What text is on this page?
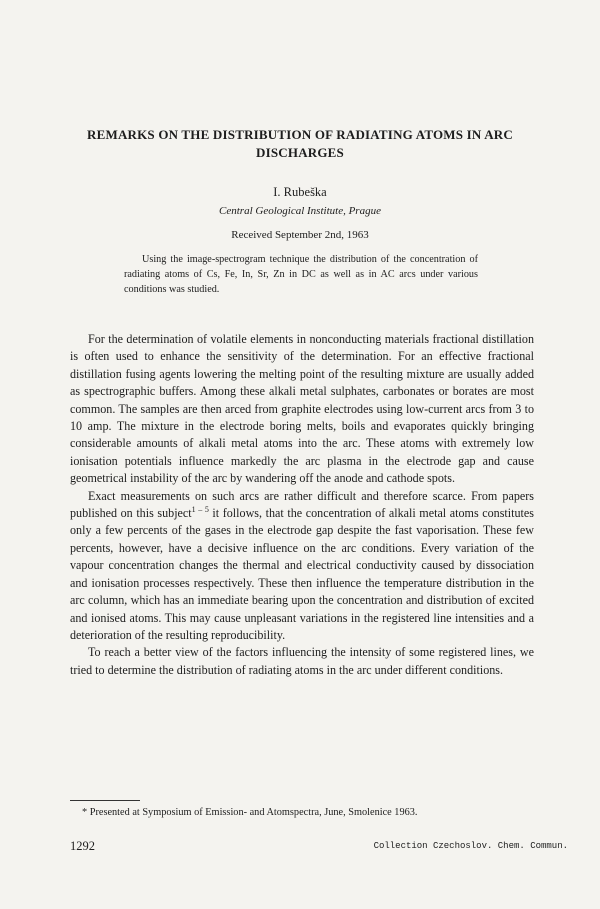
REMARKS ON THE DISTRIBUTION OF RADIATING ATOMS IN ARC DISCHARGES
I. Rubeška
Central Geological Institute, Prague
Received September 2nd, 1963
Using the image-spectrogram technique the distribution of the concentration of radiating atoms of Cs, Fe, In, Sr, Zn in DC as well as in AC arcs under various conditions was studied.

For the determination of volatile elements in nonconducting materials fractional distillation is often used to enhance the sensitivity of the determination. For an effective fractional distillation fusing agents lowering the melting point of the resulting mixture are usually added as spectrographic buffers. Among these alkali metal sulphates, carbonates or borates are most common. The samples are then arced from graphite electrodes using low-current arcs from 3 to 10 amp. The mixture in the electrode boring melts, boils and evaporates quickly bringing considerable amounts of alkali metal atoms into the arc. These atoms with extremely low ionisation potentials influence markedly the arc plasma in the electrode gap and cause geometrical instability of the arc by wandering off the anode and cathode spots.

Exact measurements on such arcs are rather difficult and therefore scarce. From papers published on this subject$^{1 - 5}$ it follows, that the concentration of alkali metal atoms constitutes only a few percents of the gases in the electrode gap despite the fast vaporisation. These few percents, however, have a decisive influence on the arc conditions. Every variation of the vapour concentration changes the thermal and electrical conductivity caused by dissociation and ionisation processes respectively. These then influence the temperature distribution in the arc column, which has an immediate bearing upon the concentration and distribution of excited and ionised atoms. This may cause unpleasant variations in the registered line intensities and a deterioration of the resulting reproducibility.

To reach a better view of the factors influencing the intensity of some registered lines, we tried to determine the distribution of radiating atoms in the arc under different conditions.

* Presented at Symposium of Emission- and Atomspectra, June, Smolenice 1963.
1292	Collection Czechoslov. Chem. Commun.
